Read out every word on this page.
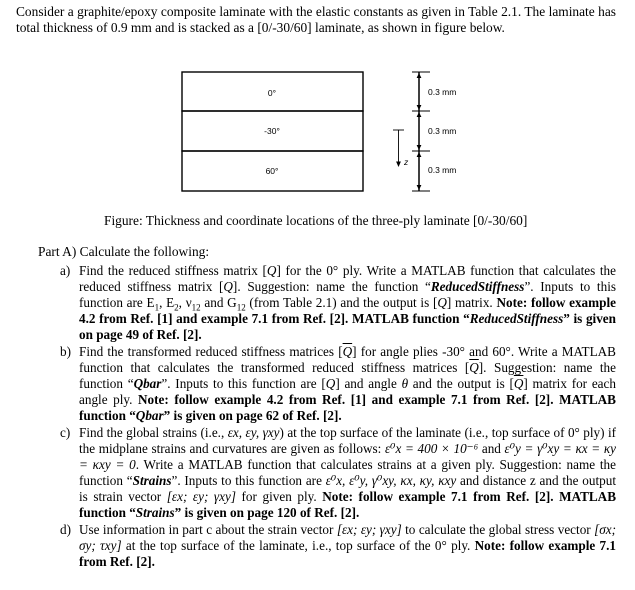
Consider a graphite/epoxy composite laminate with the elastic constants as given in Table 2.1. The laminate has total thickness of 0.9 mm and is stacked as a [0/-30/60] laminate, as shown in figure below.

0°
-30°
60°
0.3 mm
0.3 mm
0.3 mm
z
Figure: Thickness and coordinate locations of the three-ply laminate [0/-30/60]
Part A) Calculate the following:
a) Find the reduced stiffness matrix [Q] for the 0° ply. Write a MATLAB function that calculates the reduced stiffness matrix [Q]. Suggestion: name the function “ReducedStiffness”. Inputs to this function are $E_1$, $E_2$, $\nu_{12}$ and $G_{12}$ (from Table 2.1) and the output is [Q] matrix. Note: follow example 4.2 from Ref. [1] and example 7.1 from Ref. [2]. MATLAB function “ReducedStiffness” is given on page 49 of Ref. [2].
b) Find the transformed reduced stiffness matrices $[\overline{Q}]$ for angle plies -30° and 60°. Write a MATLAB function that calculates the transformed reduced stiffness matrices $[\overline{Q}]$. Suggestion: name the function “Qbar”. Inputs to this function are [Q] and angle θ and the output is $[\overline{Q}]$ matrix for each angle ply. Note: follow example 4.2 from Ref. [1] and example 7.1 from Ref. [2]. MATLAB function “Qbar” is given on page 62 of Ref. [2].
c) Find the global strains (i.e., εx, εy, γxy) at the top surface of the laminate (i.e., top surface of 0° ply) if the midplane strains and curvatures are given as follows: ε⁰x = 400 × 10⁻⁶ and ε⁰y = γ⁰xy = κx = κy = κxy = 0. Write a MATLAB function that calculates strains at a given ply. Suggestion: name the function “Strains”. Inputs to this function are ε⁰x, ε⁰y, γ⁰xy, κx, κy, κxy and distance z and the output is strain vector [εx; εy; γxy] for given ply. Note: follow example 7.1 from Ref. [2]. MATLAB function “Strains” is given on page 120 of Ref. [2].
d) Use information in part c about the strain vector [εx; εy; γxy] to calculate the global stress vector [σx; σy; τxy] at the top surface of the laminate, i.e., top surface of the 0° ply. Note: follow example 7.1 from Ref. [2].
